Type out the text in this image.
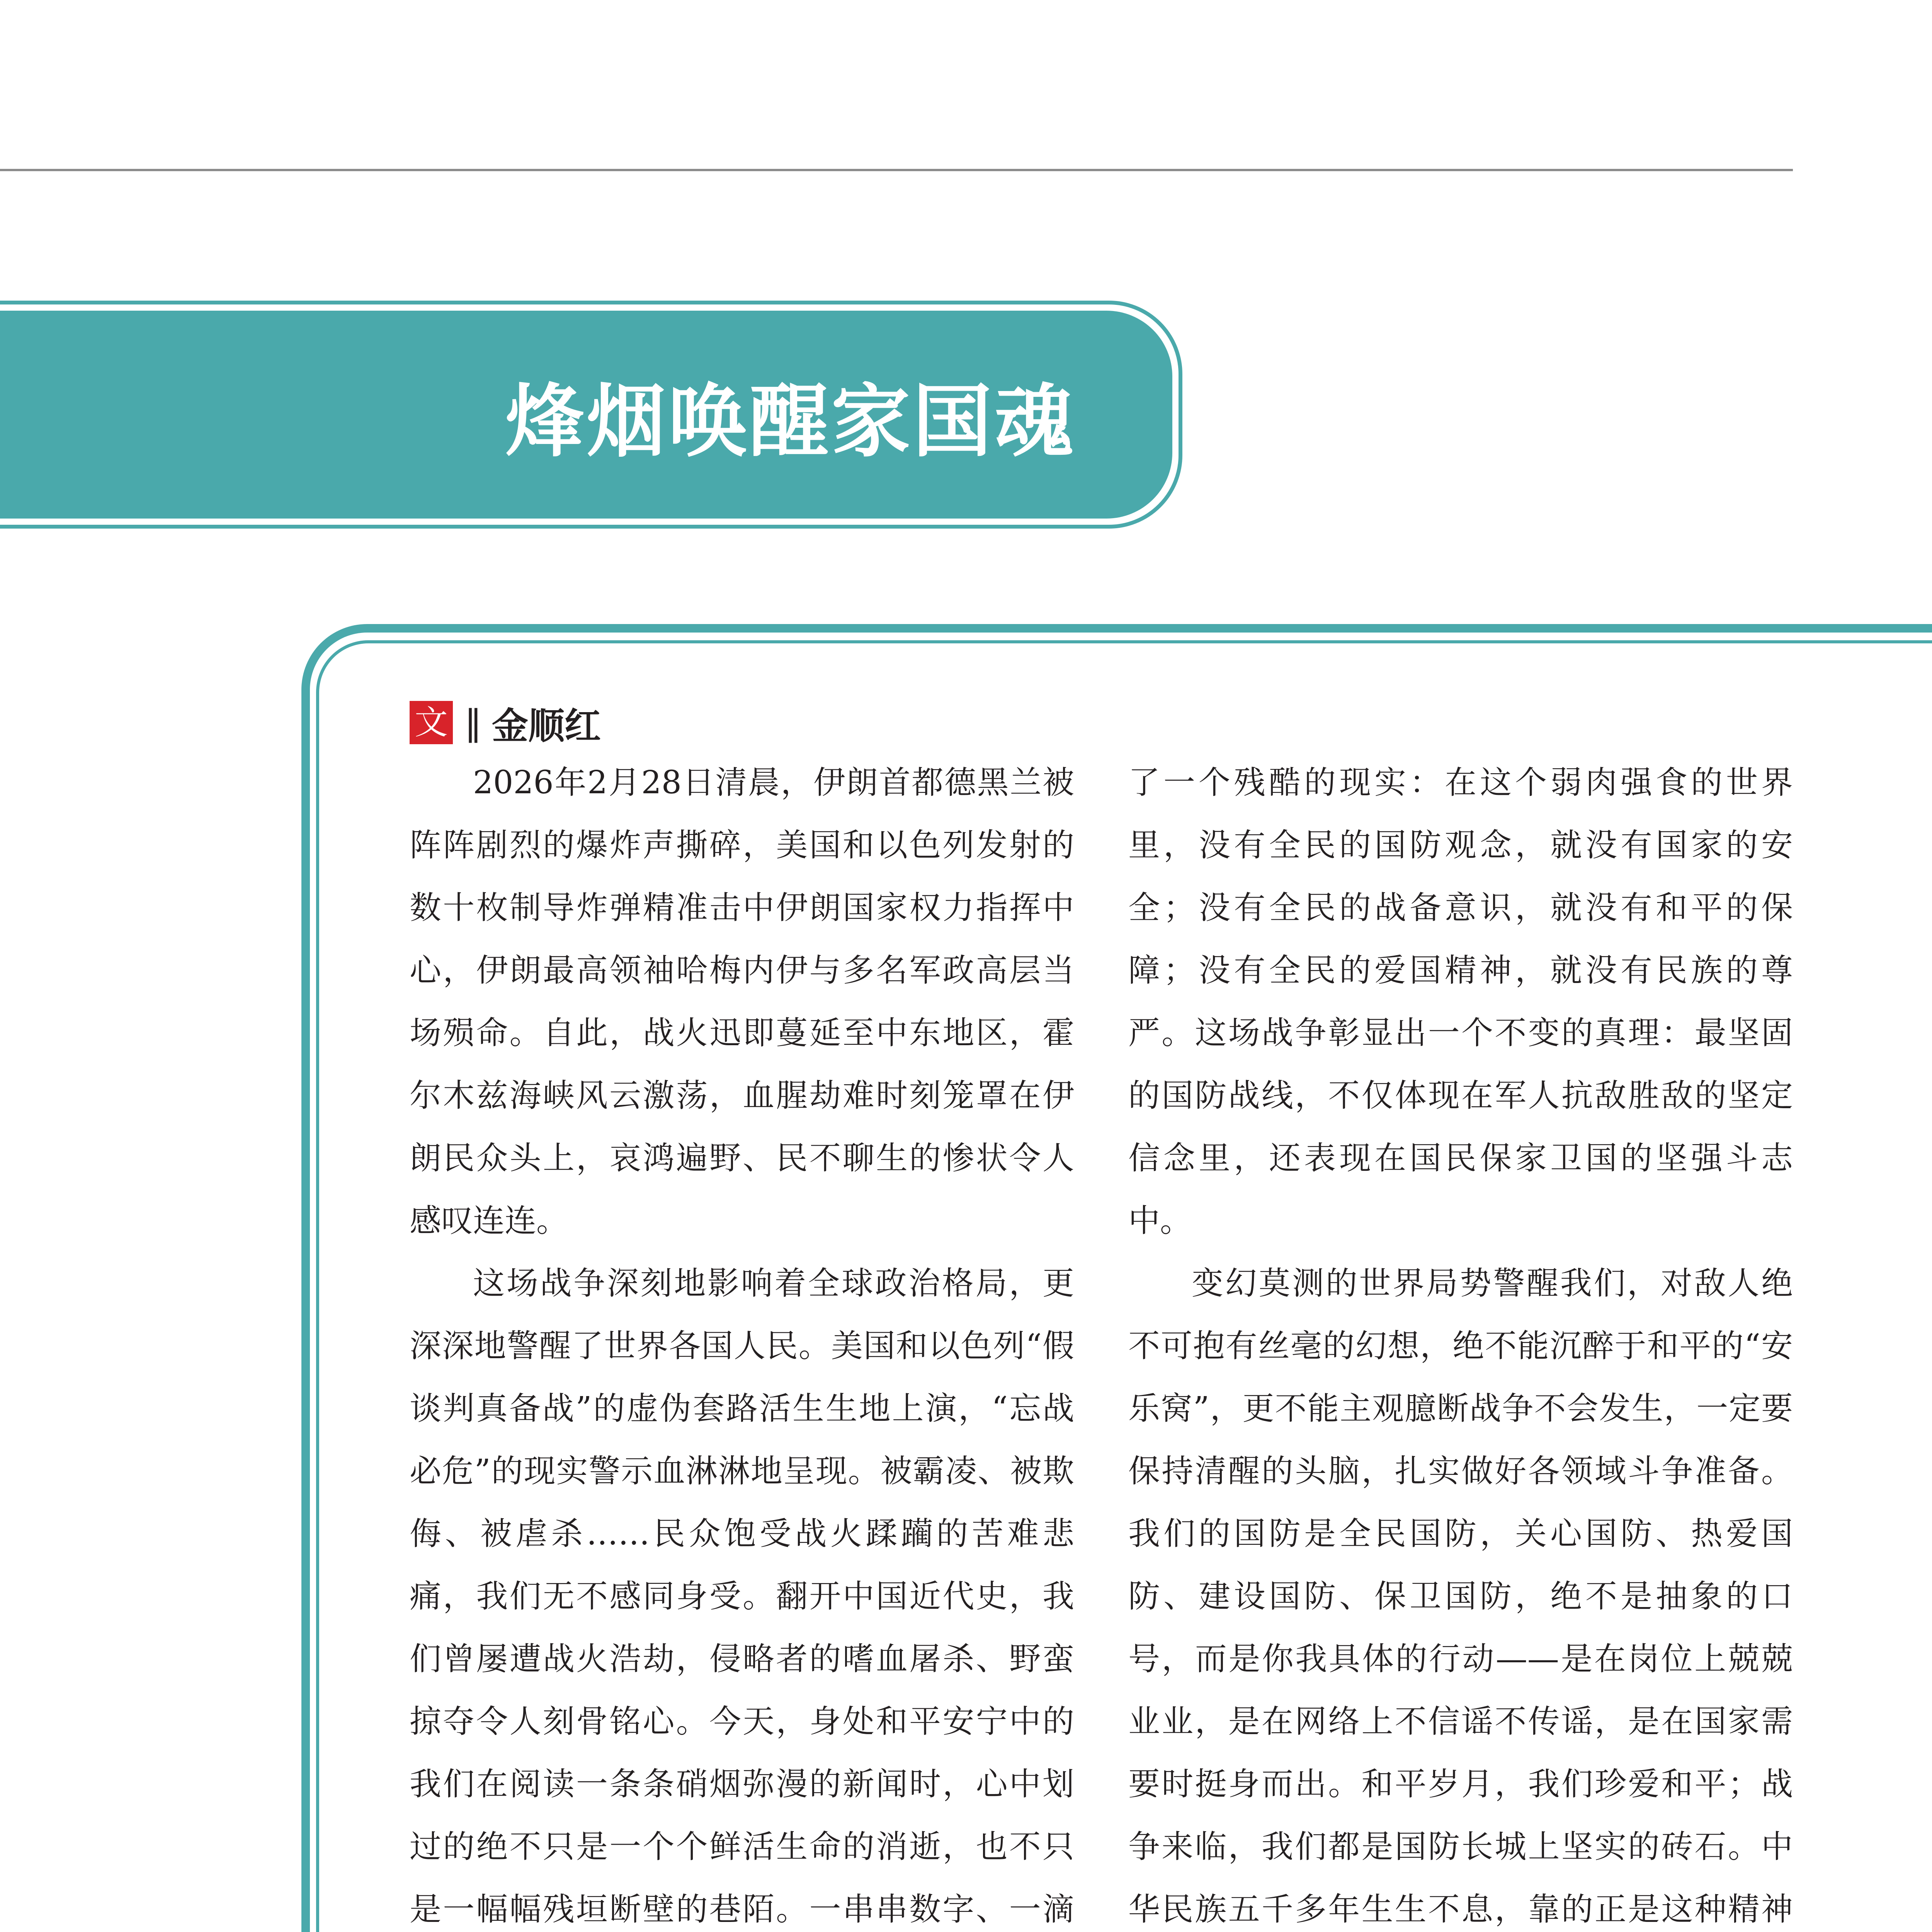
烽烟唤醒家国魂
文 ‖ 金顺红

2026年2月28日清晨，伊朗首都德黑兰被阵阵剧烈的爆炸声撕碎，美国和以色列发射的数十枚制导炸弹精准击中伊朗国家权力指挥中心，伊朗最高领袖哈梅内伊与多名军政高层当场殒命。自此，战火迅即蔓延至中东地区，霍尔木兹海峡风云激荡，血腥劫难时刻笼罩在伊朗民众头上，哀鸿遍野、民不聊生的惨状令人感叹连连。

这场战争深刻地影响着全球政治格局，更深深地警醒了世界各国人民。美国和以色列“假谈判真备战”的虚伪套路活生生地上演，“忘战必危”的现实警示血淋淋地呈现。被霸凌、被欺侮、被虐杀……民众饱受战火蹂躏的苦难悲痛，我们无不感同身受。翻开中国近代史，我们曾屡遭战火浩劫，侵略者的嗜血屠杀、野蛮掠夺令人刻骨铭心。今天，身处和平安宁中的我们在阅读一条条硝烟弥漫的新闻时，心中划过的绝不只是一个个鲜活生命的消逝，也不只是一幅幅残垣断壁的巷陌。一串串数字、一滴

了一个残酷的现实：在这个弱肉强食的世界里，没有全民的国防观念，就没有国家的安全；没有全民的战备意识，就没有和平的保障；没有全民的爱国精神，就没有民族的尊严。这场战争彰显出一个不变的真理：最坚固的国防战线，不仅体现在军人抗敌胜敌的坚定信念里，还表现在国民保家卫国的坚强斗志中。

变幻莫测的世界局势警醒我们，对敌人绝不可抱有丝毫的幻想，绝不能沉醉于和平的“安乐窝”，更不能主观臆断战争不会发生，一定要保持清醒的头脑，扎实做好各领域斗争准备。我们的国防是全民国防，关心国防、热爱国防、建设国防、保卫国防，绝不是抽象的口号，而是你我具体的行动——是在岗位上兢兢业业，是在网络上不信谣不传谣，是在国家需要时挺身而出。和平岁月，我们珍爱和平；战争来临，我们都是国防长城上坚实的砖石。中华民族五千多年生生不息，靠的正是这种精神
